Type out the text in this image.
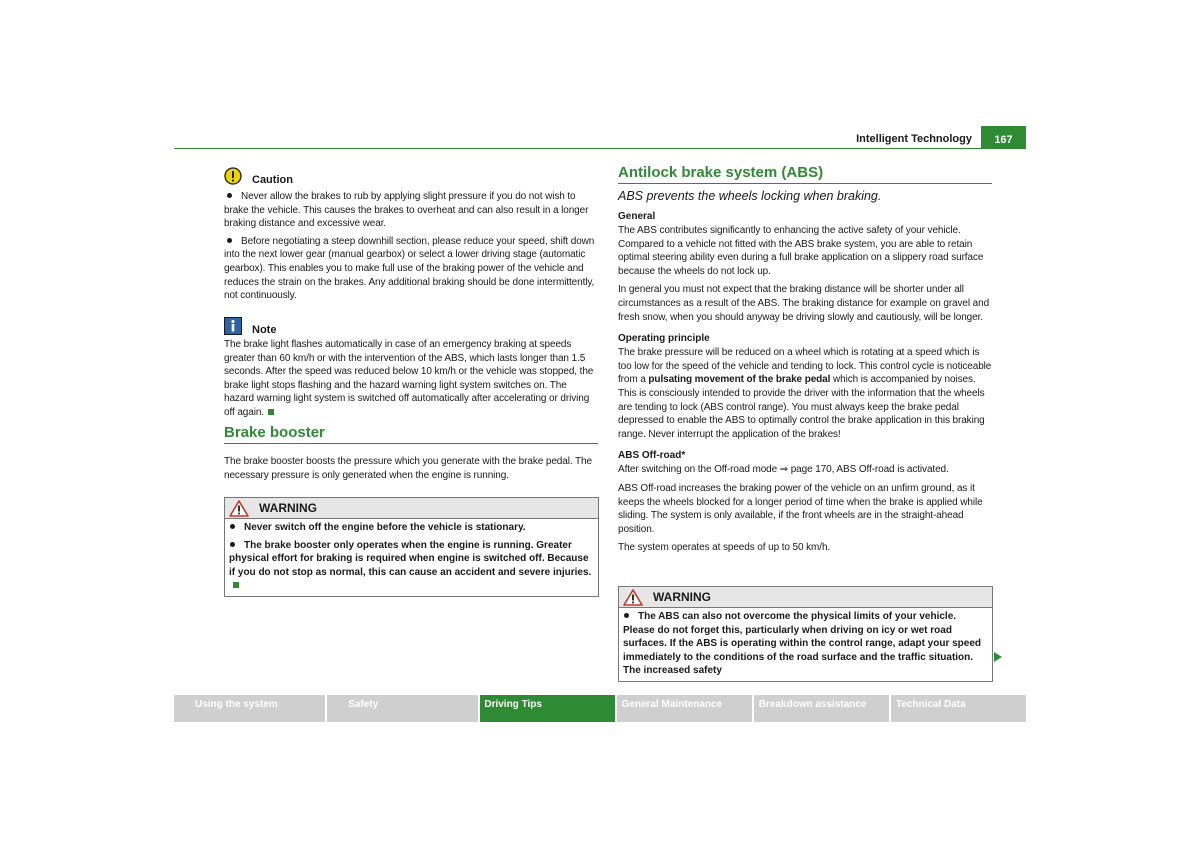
Intelligent Technology	167
Caution

Never allow the brakes to rub by applying slight pressure if you do not wish to brake the vehicle. This causes the brakes to overheat and can also result in a longer braking distance and excessive wear.

Before negotiating a steep downhill section, please reduce your speed, shift down into the next lower gear (manual gearbox) or select a lower driving stage (automatic gearbox). This enables you to make full use of the braking power of the vehicle and reduces the strain on the brakes. Any additional braking should be done intermittently, not continuously.

Note

The brake light flashes automatically in case of an emergency braking at speeds greater than 60 km/h or with the intervention of the ABS, which lasts longer than 1.5 seconds. After the speed was reduced below 10 km/h or the vehicle was stopped, the brake light stops flashing and the hazard warning light system switches on. The hazard warning light system is switched off automatically after accelerating or driving off again.

Brake booster

The brake booster boosts the pressure which you generate with the brake pedal. The necessary pressure is only generated when the engine is running.

WARNING

Never switch off the engine before the vehicle is stationary.

The brake booster only operates when the engine is running. Greater physical effort for braking is required when engine is switched off. Because if you do not stop as normal, this can cause an accident and severe injuries.

Antilock brake system (ABS)

ABS prevents the wheels locking when braking.

General

The ABS contributes significantly to enhancing the active safety of your vehicle. Compared to a vehicle not fitted with the ABS brake system, you are able to retain optimal steering ability even during a full brake application on a slippery road surface because the wheels do not lock up.

In general you must not expect that the braking distance will be shorter under all circumstances as a result of the ABS. The braking distance for example on gravel and fresh snow, when you should anyway be driving slowly and cautiously, will be longer.

Operating principle

The brake pressure will be reduced on a wheel which is rotating at a speed which is too low for the speed of the vehicle and tending to lock. This control cycle is noticeable from a pulsating movement of the brake pedal which is accompanied by noises. This is consciously intended to provide the driver with the information that the wheels are tending to lock (ABS control range). You must always keep the brake pedal depressed to enable the ABS to optimally control the brake application in this braking range. Never interrupt the application of the brakes!

ABS Off-road*

After switching on the Off-road mode ⇒ page 170, ABS Off-road is activated.

ABS Off-road increases the braking power of the vehicle on an unfirm ground, as it keeps the wheels blocked for a longer period of time when the brake is applied while sliding. The system is only available, if the front wheels are in the straight-ahead position.

The system operates at speeds of up to 50 km/h.

WARNING

The ABS can also not overcome the physical limits of your vehicle. Please do not forget this, particularly when driving on icy or wet road surfaces. If the ABS is operating within the control range, adapt your speed immediately to the conditions of the road surface and the traffic situation. The increased safety

Using the system	Safety	Driving Tips	General Maintenance	Breakdown assistance	Technical Data
